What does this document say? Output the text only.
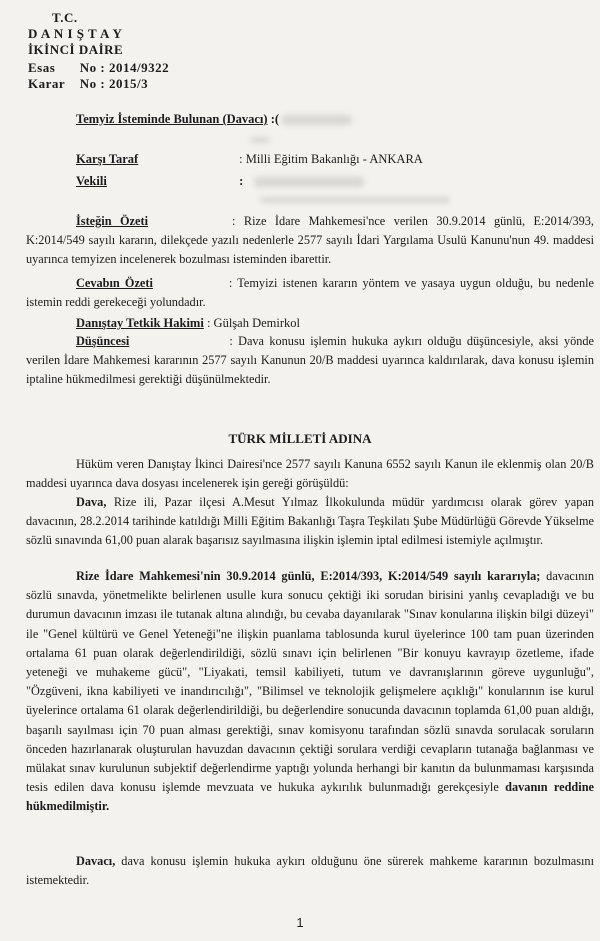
T.C.
D A N I Ş T A Y
İKİNCİ DAİRE
Esas No : 2014/9322
Karar No : 2015/3
Temyiz İsteminde Bulunan (Davacı) :(
Karşı Taraf	: Milli Eğitim Bakanlığı - ANKARA
Vekili	:
İsteğin Özeti	: Rize İdare Mahkemesi'nce verilen 30.9.2014 günlü, E:2014/393, K:2014/549 sayılı kararın, dilekçede yazılı nedenlerle 2577 sayılı İdari Yargılama Usulü Kanunu'nun 49. maddesi uyarınca temyizen incelenerek bozulması isteminden ibarettir.
Cevabın Özeti	: Temyizi istenen kararın yöntem ve yasaya uygun olduğu, bu nedenle istemin reddi gerekeceği yolundadır.
Danıştay Tetkik Hakimi : Gülşah Demirkol
Düşüncesi	: Dava konusu işlemin hukuka aykırı olduğu düşüncesiyle, aksi yönde verilen İdare Mahkemesi kararının 2577 sayılı Kanunun 20/B maddesi uyarınca kaldırılarak, dava konusu işlemin iptaline hükmedilmesi gerektiği düşünülmektedir.
TÜRK MİLLETİ ADINA
Hüküm veren Danıştay İkinci Dairesi'nce 2577 sayılı Kanuna 6552 sayılı Kanun ile eklenmiş olan 20/B maddesi uyarınca dava dosyası incelenerek işin gereği görüşüldü:
Dava, Rize ili, Pazar ilçesi A.Mesut Yılmaz İlkokulunda müdür yardımcısı olarak görev yapan davacının, 28.2.2014 tarihinde katıldığı Milli Eğitim Bakanlığı Taşra Teşkilatı Şube Müdürlüğü Görevde Yükselme sözlü sınavında 61,00 puan alarak başarısız sayılmasına ilişkin işlemin iptal edilmesi istemiyle açılmıştır.
Rize İdare Mahkemesi'nin 30.9.2014 günlü, E:2014/393, K:2014/549 sayılı kararıyla; davacının sözlü sınavda, yönetmelikte belirlenen usulle kura sonucu çektiği iki sorudan birisini yanlış cevapladığı ve bu durumun davacının imzası ile tutanak altına alındığı, bu cevaba dayanılarak "Sınav konularına ilişkin bilgi düzeyi" ile "Genel kültürü ve Genel Yeteneği"ne ilişkin puanlama tablosunda kurul üyelerince 100 tam puan üzerinden ortalama 61 puan olarak değerlendirildiği, sözlü sınavı için belirlenen "Bir konuyu kavrayıp özetleme, ifade yeteneği ve muhakeme gücü", "Liyakati, temsil kabiliyeti, tutum ve davranışlarının göreve uygunluğu", "Özgüveni, ikna kabiliyeti ve inandırıcılığı", "Bilimsel ve teknolojik gelişmelere açıklığı" konularının ise kurul üyelerince ortalama 61 olarak değerlendirildiği, bu değerlendire sonucunda davacının toplamda 61,00 puan aldığı, başarılı sayılması için 70 puan alması gerektiği, sınav komisyonu tarafından sözlü sınavda sorulacak soruların önceden hazırlanarak oluşturulan havuzdan davacının çektiği sorulara verdiği cevapların tutanağa bağlanması ve mülakat sınav kurulunun subjektif değerlendirme yaptığı yolunda herhangi bir kanıtın da bulunmaması karşısında tesis edilen dava konusu işlemde mevzuata ve hukuka aykırılık bulunmadığı gerekçesiyle davanın reddine hükmedilmiştir.
Davacı, dava konusu işlemin hukuka aykırı olduğunu öne sürerek mahkeme kararının bozulmasını istemektedir.
1
